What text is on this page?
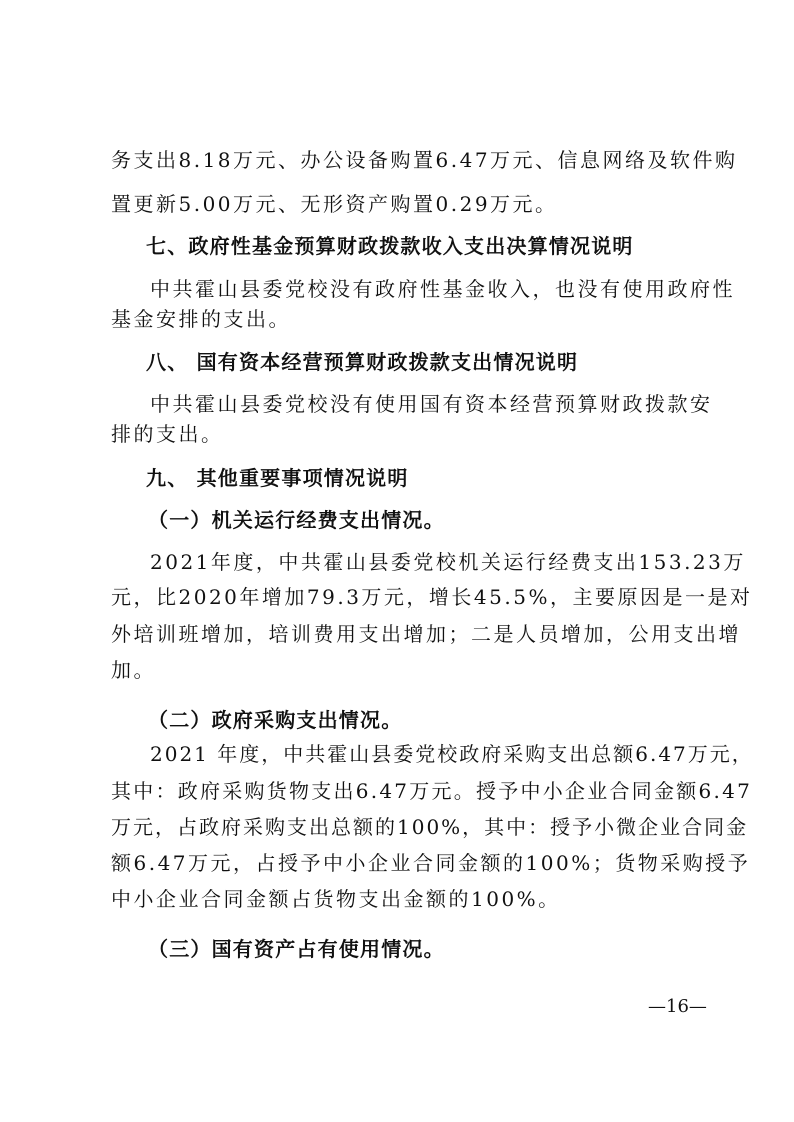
务支出8.18万元、办公设备购置6.47万元、信息网络及软件购
置更新5.00万元、无形资产购置0.29万元。
七、政府性基金预算财政拨款收入支出决算情况说明
中共霍山县委党校没有政府性基金收入，也没有使用政府性
基金安排的支出。
八、 国有资本经营预算财政拨款支出情况说明
中共霍山县委党校没有使用国有资本经营预算财政拨款安
排的支出。
九、 其他重要事项情况说明
（一）机关运行经费支出情况。
2021年度，中共霍山县委党校机关运行经费支出153.23万
元，比2020年增加79.3万元，增长45.5%，主要原因是一是对
外培训班增加，培训费用支出增加；二是人员增加，公用支出增
加。
（二）政府采购支出情况。
2021 年度，中共霍山县委党校政府采购支出总额6.47万元，
其中：政府采购货物支出6.47万元。授予中小企业合同金额6.47
万元，占政府采购支出总额的100%，其中：授予小微企业合同金
额6.47万元，占授予中小企业合同金额的100%；货物采购授予
中小企业合同金额占货物支出金额的100%。
（三）国有资产占有使用情况。
—16—
